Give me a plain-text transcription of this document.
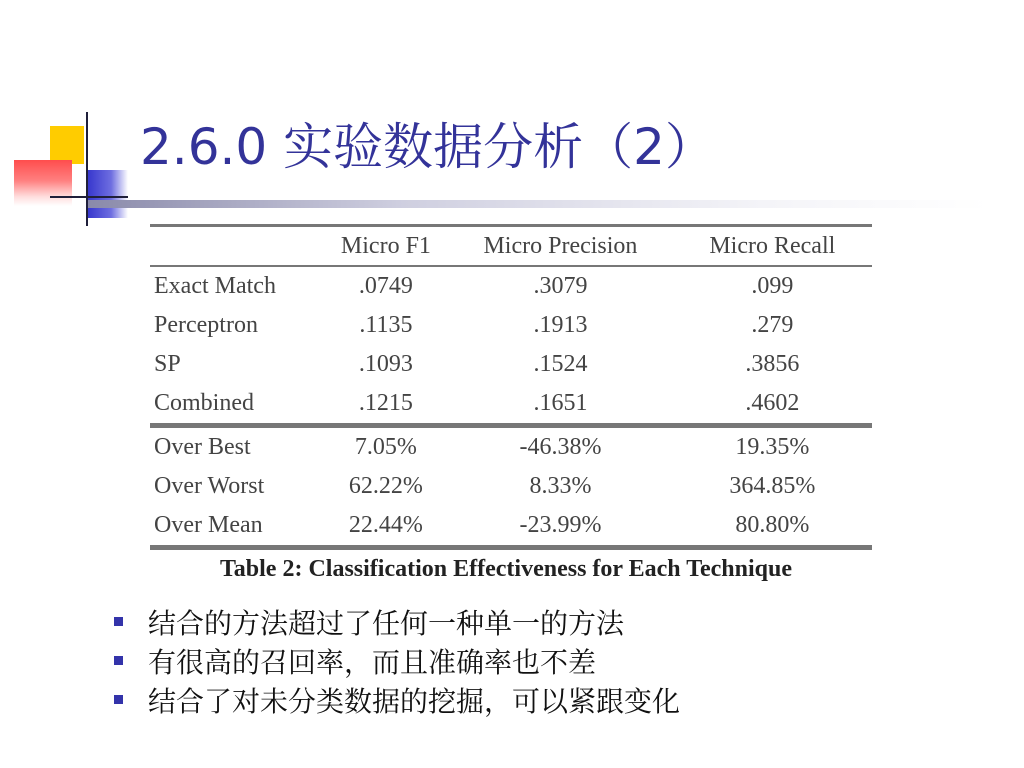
2.6.0 实验数据分析（2）
	Micro F1	Micro Precision	Micro Recall
Exact Match	.0749	.3079	.099
Perceptron	.1135	.1913	.279
SP	.1093	.1524	.3856
Combined	.1215	.1651	.4602
Over Best	7.05%	-46.38%	19.35%
Over Worst	62.22%	8.33%	364.85%
Over Mean	22.44%	-23.99%	80.80%
Table 2: Classification Effectiveness for Each Technique
结合的方法超过了任何一种单一的方法
有很高的召回率，而且准确率也不差
结合了对未分类数据的挖掘，可以紧跟变化
